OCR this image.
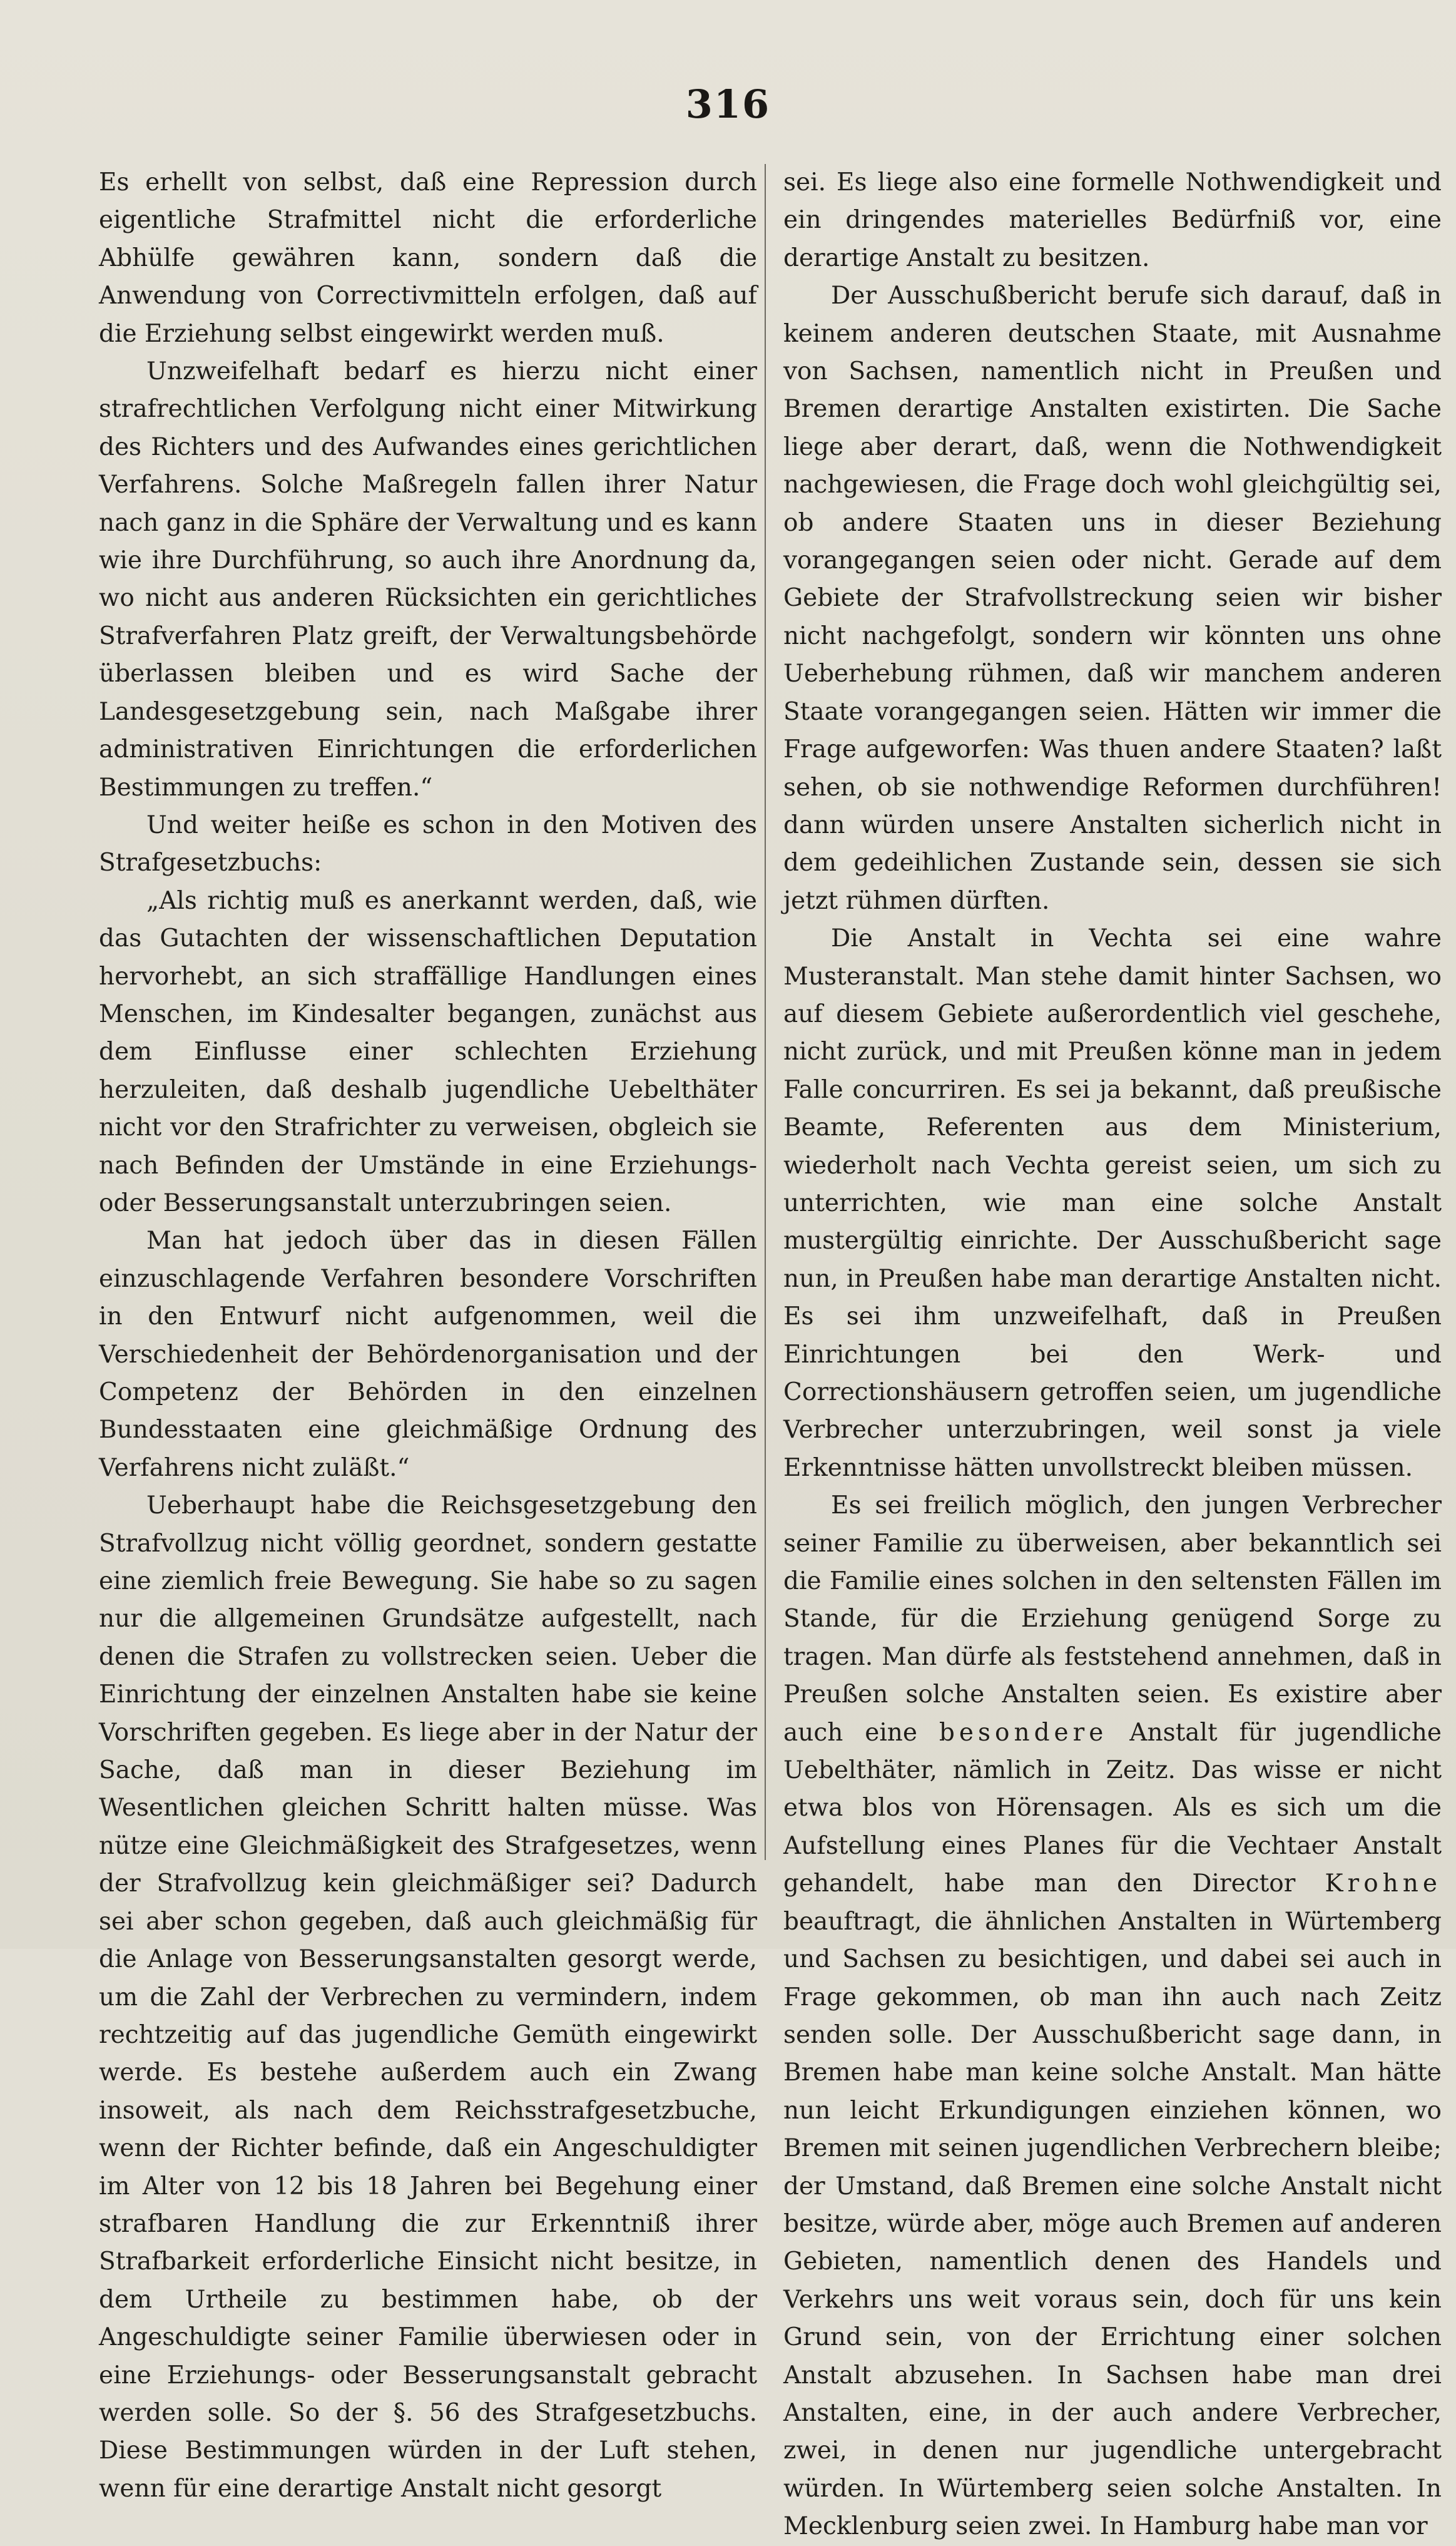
316

Es erhellt von selbst, daß eine Repression durch eigentliche Strafmittel nicht die erforderliche Abhülfe gewähren kann, sondern daß die Anwendung von Correctivmitteln erfolgen, daß auf die Erziehung selbst eingewirkt werden muß.

Unzweifelhaft bedarf es hierzu nicht einer strafrechtlichen Verfolgung nicht einer Mitwirkung des Richters und des Aufwandes eines gerichtlichen Verfahrens. Solche Maßregeln fallen ihrer Natur nach ganz in die Sphäre der Verwaltung und es kann wie ihre Durchführung, so auch ihre Anordnung da, wo nicht aus anderen Rücksichten ein gerichtliches Strafverfahren Platz greift, der Verwaltungsbehörde überlassen bleiben und es wird Sache der Landesgesetzgebung sein, nach Maßgabe ihrer administrativen Einrichtungen die erforderlichen Bestimmungen zu treffen.“

Und weiter heiße es schon in den Motiven des Strafgesetzbuchs:

„Als richtig muß es anerkannt werden, daß, wie das Gutachten der wissenschaftlichen Deputation hervorhebt, an sich straffällige Handlungen eines Menschen, im Kindesalter begangen, zunächst aus dem Einflusse einer schlechten Erziehung herzuleiten, daß deshalb jugendliche Uebelthäter nicht vor den Strafrichter zu verweisen, obgleich sie nach Befinden der Umstände in eine Erziehungs- oder Besserungsanstalt unterzubringen seien.

Man hat jedoch über das in diesen Fällen einzuschlagende Verfahren besondere Vorschriften in den Entwurf nicht aufgenommen, weil die Verschiedenheit der Behördenorganisation und der Competenz der Behörden in den einzelnen Bundesstaaten eine gleichmäßige Ordnung des Verfahrens nicht zuläßt.“

Ueberhaupt habe die Reichsgesetzgebung den Strafvollzug nicht völlig geordnet, sondern gestatte eine ziemlich freie Bewegung. Sie habe so zu sagen nur die allgemeinen Grundsätze aufgestellt, nach denen die Strafen zu vollstrecken seien. Ueber die Einrichtung der einzelnen Anstalten habe sie keine Vorschriften gegeben. Es liege aber in der Natur der Sache, daß man in dieser Beziehung im Wesentlichen gleichen Schritt halten müsse. Was nütze eine Gleichmäßigkeit des Strafgesetzes, wenn der Strafvollzug kein gleichmäßiger sei? Dadurch sei aber schon gegeben, daß auch gleichmäßig für die Anlage von Besserungsanstalten gesorgt werde, um die Zahl der Verbrechen zu vermindern, indem rechtzeitig auf das jugendliche Gemüth eingewirkt werde. Es bestehe außerdem auch ein Zwang insoweit, als nach dem Reichsstrafgesetzbuche, wenn der Richter befinde, daß ein Angeschuldigter im Alter von 12 bis 18 Jahren bei Begehung einer strafbaren Handlung die zur Erkenntniß ihrer Strafbarkeit erforderliche Einsicht nicht besitze, in dem Urtheile zu bestimmen habe, ob der Angeschuldigte seiner Familie überwiesen oder in eine Erziehungs- oder Besserungsanstalt gebracht werden solle. So der §. 56 des Strafgesetzbuchs. Diese Bestimmungen würden in der Luft stehen, wenn für eine derartige Anstalt nicht gesorgt

sei. Es liege also eine formelle Nothwendigkeit und ein dringendes materielles Bedürfniß vor, eine derartige Anstalt zu besitzen.

Der Ausschußbericht berufe sich darauf, daß in keinem anderen deutschen Staate, mit Ausnahme von Sachsen, namentlich nicht in Preußen und Bremen derartige Anstalten existirten. Die Sache liege aber derart, daß, wenn die Nothwendigkeit nachgewiesen, die Frage doch wohl gleichgültig sei, ob andere Staaten uns in dieser Beziehung vorangegangen seien oder nicht. Gerade auf dem Gebiete der Strafvollstreckung seien wir bisher nicht nachgefolgt, sondern wir könnten uns ohne Ueberhebung rühmen, daß wir manchem anderen Staate vorangegangen seien. Hätten wir immer die Frage aufgeworfen: Was thuen andere Staaten? laßt sehen, ob sie nothwendige Reformen durchführen! dann würden unsere Anstalten sicherlich nicht in dem gedeihlichen Zustande sein, dessen sie sich jetzt rühmen dürften.

Die Anstalt in Vechta sei eine wahre Musteranstalt. Man stehe damit hinter Sachsen, wo auf diesem Gebiete außerordentlich viel geschehe, nicht zurück, und mit Preußen könne man in jedem Falle concurriren. Es sei ja bekannt, daß preußische Beamte, Referenten aus dem Ministerium, wiederholt nach Vechta gereist seien, um sich zu unterrichten, wie man eine solche Anstalt mustergültig einrichte. Der Ausschußbericht sage nun, in Preußen habe man derartige Anstalten nicht. Es sei ihm unzweifelhaft, daß in Preußen Einrichtungen bei den Werk- und Correctionshäusern getroffen seien, um jugendliche Verbrecher unterzubringen, weil sonst ja viele Erkenntnisse hätten unvollstreckt bleiben müssen.

Es sei freilich möglich, den jungen Verbrecher seiner Familie zu überweisen, aber bekanntlich sei die Familie eines solchen in den seltensten Fällen im Stande, für die Erziehung genügend Sorge zu tragen. Man dürfe als feststehend annehmen, daß in Preußen solche Anstalten seien. Es existire aber auch eine besondere Anstalt für jugendliche Uebelthäter, nämlich in Zeitz. Das wisse er nicht etwa blos von Hörensagen. Als es sich um die Aufstellung eines Planes für die Vechtaer Anstalt gehandelt, habe man den Director Krohne beauftragt, die ähnlichen Anstalten in Würtemberg und Sachsen zu besichtigen, und dabei sei auch in Frage gekommen, ob man ihn auch nach Zeitz senden solle. Der Ausschußbericht sage dann, in Bremen habe man keine solche Anstalt. Man hätte nun leicht Erkundigungen einziehen können, wo Bremen mit seinen jugendlichen Verbrechern bleibe; der Umstand, daß Bremen eine solche Anstalt nicht besitze, würde aber, möge auch Bremen auf anderen Gebieten, namentlich denen des Handels und Verkehrs uns weit voraus sein, doch für uns kein Grund sein, von der Errichtung einer solchen Anstalt abzusehen. In Sachsen habe man drei Anstalten, eine, in der auch andere Verbrecher, zwei, in denen nur jugendliche untergebracht würden. In Würtemberg seien solche Anstalten. In Mecklenburg seien zwei. In Hamburg habe man vor
